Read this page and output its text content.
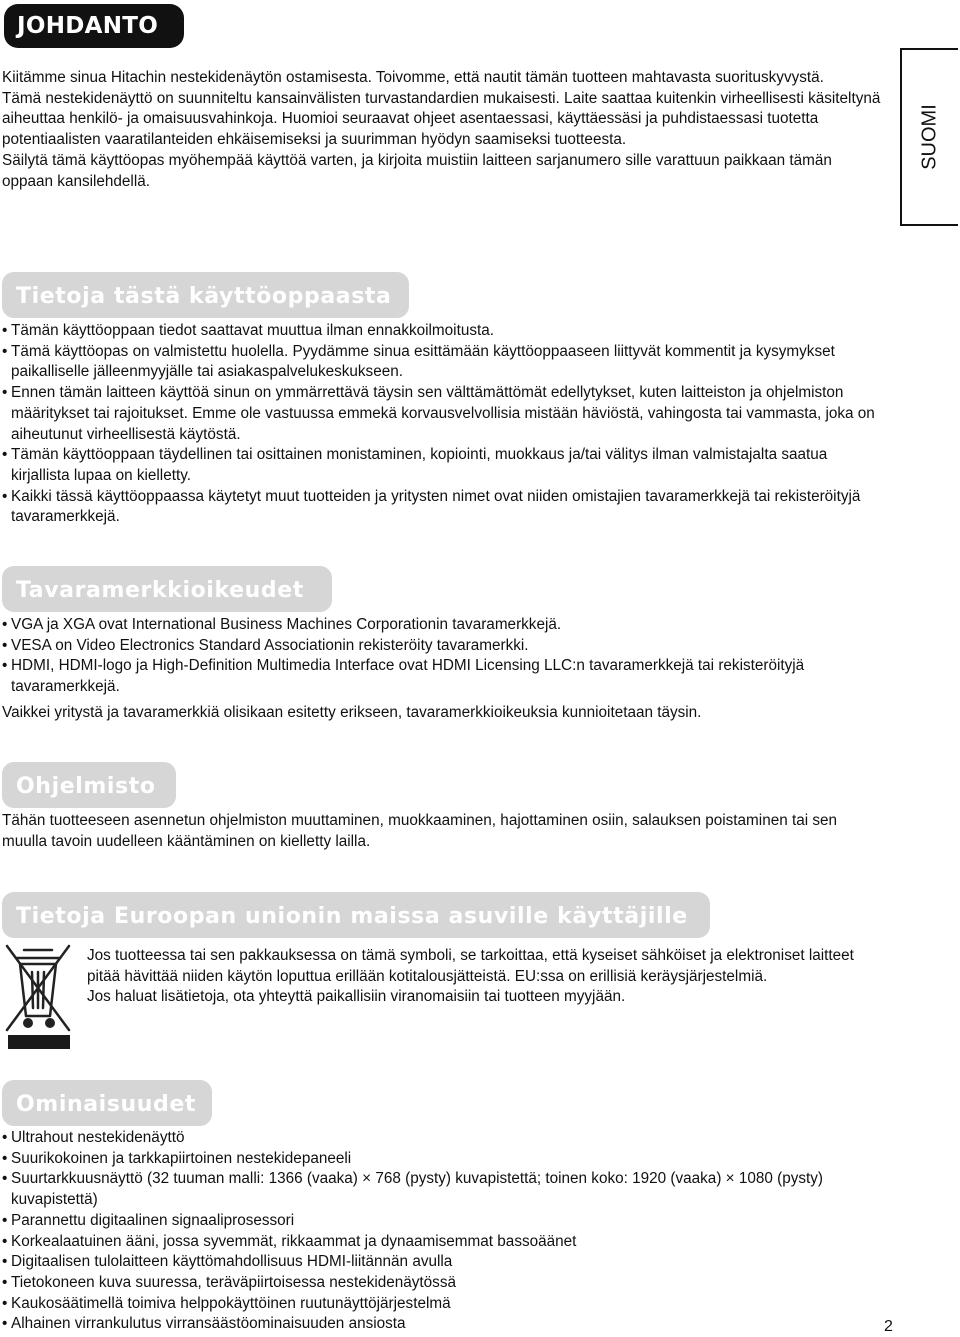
JOHDANTO
SUOMI

Kiitämme sinua Hitachin nestekidenäytön ostamisesta. Toivomme, että nautit tämän tuotteen mahtavasta suorituskyvystä.

Tämä nestekidenäyttö on suunniteltu kansainvälisten turvastandardien mukaisesti. Laite saattaa kuitenkin virheellisesti käsiteltynä aiheuttaa henkilö- ja omaisuusvahinkoja. Huomioi seuraavat ohjeet asentaessasi, käyttäessäsi ja puhdistaessasi tuotetta potentiaalisten vaaratilanteiden ehkäisemiseksi ja suurimman hyödyn saamiseksi tuotteesta.

Säilytä tämä käyttöopas myöhempää käyttöä varten, ja kirjoita muistiin laitteen sarjanumero sille varattuun paikkaan tämän oppaan kansilehdellä.

Tietoja tästä käyttöoppaasta
• Tämän käyttöoppaan tiedot saattavat muuttua ilman ennakkoilmoitusta.
• Tämä käyttöopas on valmistettu huolella. Pyydämme sinua esittämään käyttöoppaaseen liittyvät kommentit ja kysymykset paikalliselle jälleenmyyjälle tai asiakaspalvelukeskukseen.
• Ennen tämän laitteen käyttöä sinun on ymmärrettävä täysin sen välttämättömät edellytykset, kuten laitteiston ja ohjelmiston määritykset tai rajoitukset. Emme ole vastuussa emmekä korvausvelvollisia mistään häviöstä, vahingosta tai vammasta, joka on aiheutunut virheellisestä käytöstä.
• Tämän käyttöoppaan täydellinen tai osittainen monistaminen, kopiointi, muokkaus ja/tai välitys ilman valmistajalta saatua kirjallista lupaa on kielletty.
• Kaikki tässä käyttöoppaassa käytetyt muut tuotteiden ja yritysten nimet ovat niiden omistajien tavaramerkkejä tai rekisteröityjä tavaramerkkejä.
Tavaramerkkioikeudet
• VGA ja XGA ovat International Business Machines Corporationin tavaramerkkejä.
• VESA on Video Electronics Standard Associationin rekisteröity tavaramerkki.
• HDMI, HDMI-logo ja High-Definition Multimedia Interface ovat HDMI Licensing LLC:n tavaramerkkejä tai rekisteröityjä tavaramerkkejä.
Vaikkei yritystä ja tavaramerkkiä olisikaan esitetty erikseen, tavaramerkkioikeuksia kunnioitetaan täysin.
Ohjelmisto
Tähän tuotteeseen asennetun ohjelmiston muuttaminen, muokkaaminen, hajottaminen osiin, salauksen poistaminen tai sen muulla tavoin uudelleen kääntäminen on kielletty lailla.
Tietoja Euroopan unionin maissa asuville käyttäjille

Jos tuotteessa tai sen pakkauksessa on tämä symboli, se tarkoittaa, että kyseiset sähköiset ja elektroniset laitteet pitää hävittää niiden käytön loputtua erillään kotitalousjätteistä. EU:ssa on erillisiä keräysjärjestelmiä.

Jos haluat lisätietoja, ota yhteyttä paikallisiin viranomaisiin tai tuotteen myyjään.

Ominaisuudet
• Ultrahout nestekidenäyttö
• Suurikokoinen ja tarkkapiirtoinen nestekidepaneeli
• Suurtarkkuusnäyttö (32 tuuman malli: 1366 (vaaka) × 768 (pysty) kuvapistettä; toinen koko: 1920 (vaaka) × 1080 (pysty) kuvapistettä)
• Parannettu digitaalinen signaaliprosessori
• Korkealaatuinen ääni, jossa syvemmät, rikkaammat ja dynaamisemmat bassoäänet
• Digitaalisen tulolaitteen käyttömahdollisuus HDMI-liitännän avulla
• Tietokoneen kuva suuressa, teräväpiirtoisessa nestekidenäytössä
• Kaukosäätimellä toimiva helppokäyttöinen ruutunäyttöjärjestelmä
• Alhainen virrankulutus virransäästöominaisuuden ansiosta	2
